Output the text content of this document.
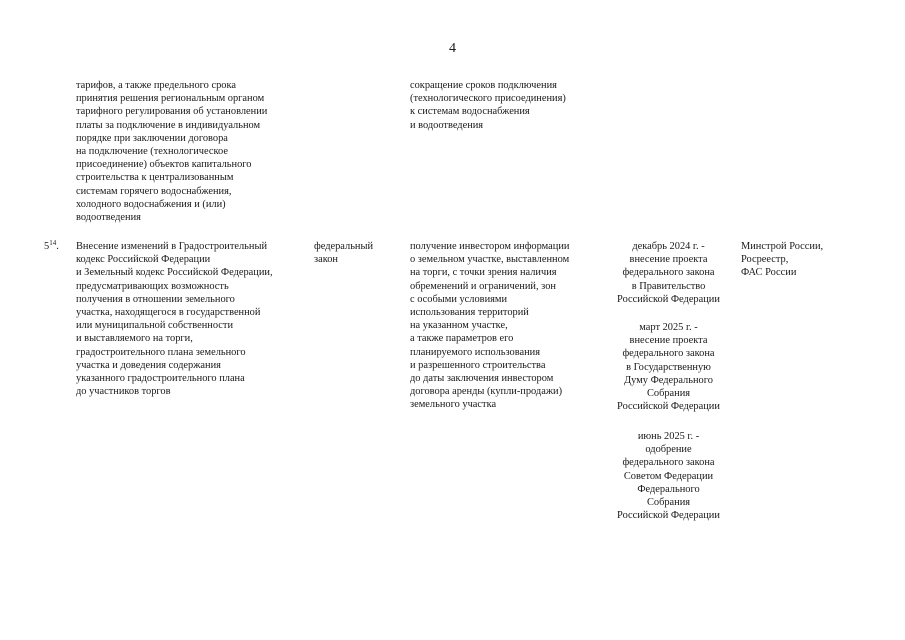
4
тарифов, а также предельного срока
принятия решения региональным органом
тарифного регулирования об установлении
платы за подключение в индивидуальном
порядке при заключении договора
на подключение (технологическое
присоединение) объектов капитального
строительства к централизованным
системам горячего водоснабжения,
холодного водоснабжения и (или)
водоотведения
сокращение сроков подключения
(технологического присоединения)
к системам водоснабжения
и водоотведения
$5^{14}$. Внесение изменений в Градостроительный
кодекс Российской Федерации
и Земельный кодекс Российской Федерации,
предусматривающих возможность
получения в отношении земельного
участка, находящегося в государственной
или муниципальной собственности
и выставляемого на торги,
градостроительного плана земельного
участка и доведения содержания
указанного градостроительного плана
до участников торгов
федеральный
закон
получение инвестором информации
о земельном участке, выставленном
на торги, с точки зрения наличия
обременений и ограничений, зон
с особыми условиями
использования территорий
на указанном участке,
а также параметров его
планируемого использования
и разрешенного строительства
до даты заключения инвестором
договора аренды (купли-продажи)
земельного участка
декабрь 2024 г. -
внесение проекта
федерального закона
в Правительство
Российской Федерации
март 2025 г. -
внесение проекта
федерального закона
в Государственную
Думу Федерального
Собрания
Российской Федерации
июнь 2025 г. -
одобрение
федерального закона
Советом Федерации
Федерального
Собрания
Российской Федерации
Минстрой России,
Росреестр,
ФАС России
